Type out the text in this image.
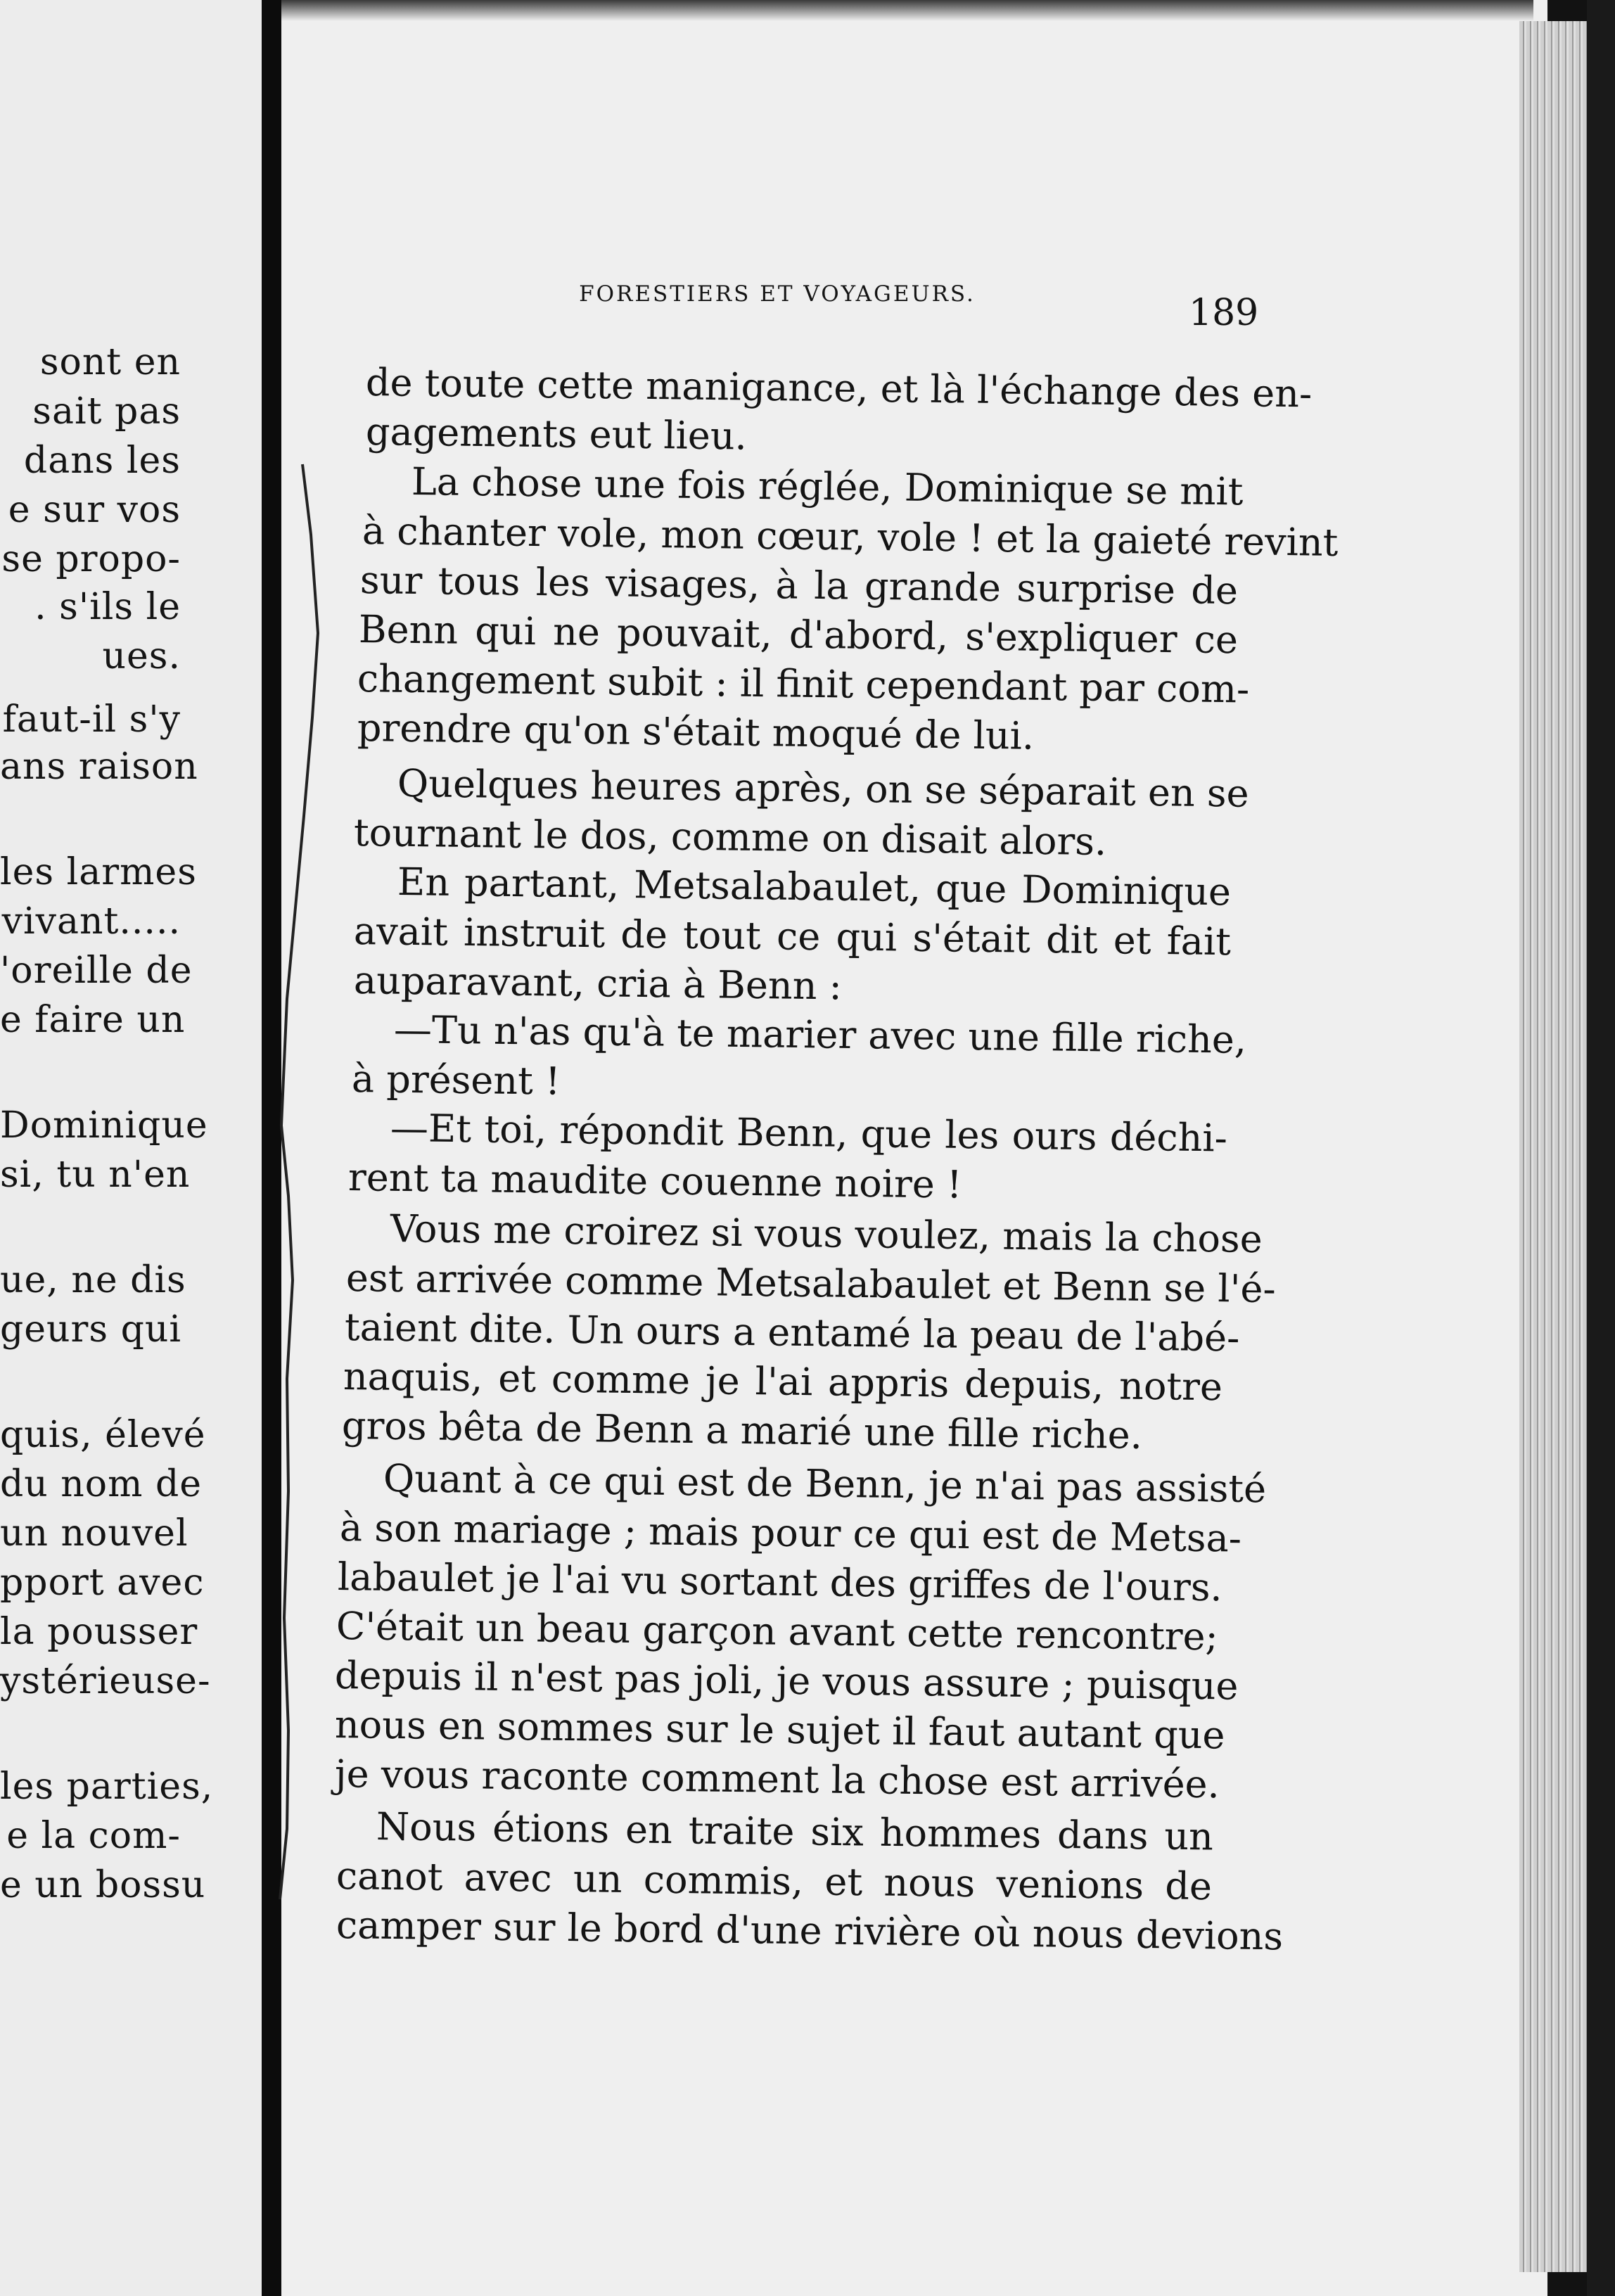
sont en
sait pas
dans les
e sur vos
se propo-
. s'ils le
ues.
faut-il s'y
ans raison
les larmes
vivant.....
'oreille de
e faire un
Dominique
si, tu n'en
ue, ne dis
geurs qui
quis, élevé
du nom de
un nouvel
pport avec
la pousser
ystérieuse-
les parties,
e la com-
e un bossu
FORESTIERS ET VOYAGEURS.	189
de toute cette manigance, et là l'échange des en-
gagements eut lieu.
La chose une fois réglée, Dominique se mit
à chanter vole, mon cœur, vole ! et la gaieté revint
sur tous les visages, à la grande surprise de
Benn qui ne pouvait, d'abord, s'expliquer ce
changement subit : il finit cependant par com-
prendre qu'on s'était moqué de lui.
Quelques heures après, on se séparait en se
tournant le dos, comme on disait alors.
En partant, Metsalabaulet, que Dominique
avait instruit de tout ce qui s'était dit et fait
auparavant, cria à Benn :
—Tu n'as qu'à te marier avec une fille riche,
à présent !
—Et toi, répondit Benn, que les ours déchi-
rent ta maudite couenne noire !
Vous me croirez si vous voulez, mais la chose
est arrivée comme Metsalabaulet et Benn se l'é-
taient dite. Un ours a entamé la peau de l'abé-
naquis, et comme je l'ai appris depuis, notre
gros bêta de Benn a marié une fille riche.
Quant à ce qui est de Benn, je n'ai pas assisté
à son mariage ; mais pour ce qui est de Metsa-
labaulet je l'ai vu sortant des griffes de l'ours.
C'était un beau garçon avant cette rencontre;
depuis il n'est pas joli, je vous assure ; puisque
nous en sommes sur le sujet il faut autant que
je vous raconte comment la chose est arrivée.
Nous étions en traite six hommes dans un
canot avec un commis, et nous venions de
camper sur le bord d'une rivière où nous devions
